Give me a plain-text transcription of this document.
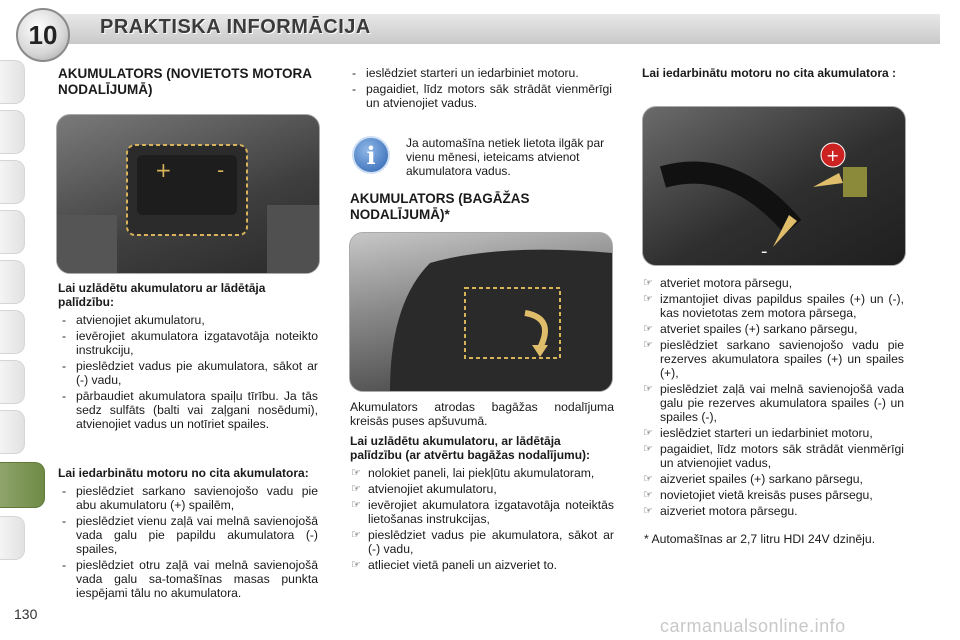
10	PRAKTISKA INFORMĀCIJA

AKUMULATORS (NOVIETOTS MOTORA NODALĪJUMĀ)

+ -

Lai uzlādētu akumulatoru ar lādētāja palīdzību:

- atvienojiet akumulatoru,
- ievērojiet akumulatora izgatavotāja noteikto instrukciju,
- pieslēdziet vadus pie akumulatora, sākot ar (-) vadu,
- pārbaudiet akumulatora spaiļu tīrību. Ja tās sedz sulfāts (balti vai zaļgani nosēdumi), atvienojiet vadus un notīriet spailes.

Lai iedarbinātu motoru no cita akumulatora:

- pieslēdziet sarkano savienojošo vadu pie abu akumulatoru (+) spailēm,
- pieslēdziet vienu zaļā vai melnā savienojošā vada galu pie papildu akumulatora (-) spailes,
- pieslēdziet otru zaļā vai melnā savienojošā vada galu sa-tomašīnas masas punkta iespējami tālu no akumulatora.
- ieslēdziet starteri un iedarbiniet motoru.
- pagaidiet, līdz motors sāk strādāt vienmērīgi un atvienojiet vadus.
i	Ja automašīna netiek lietota ilgāk par vienu mēnesi, ieteicams atvienot akumulatora vadus.

AKUMULATORS (BAGĀŽAS NODALĪJUMĀ)*

Akumulators atrodas bagāžas nodalījuma kreisās puses apšuvumā.

Lai uzlādētu akumulatoru, ar lādētāja palīdzību (ar atvērtu bagāžas nodalījumu):

☞ nolokiet paneli, lai piekļūtu akumulatoram,
☞ atvienojiet akumulatoru,
☞ ievērojiet akumulatora izgatavotāja noteiktās lietošanas instrukcijas,
☞ pieslēdziet vadus pie akumulatora, sākot ar (-) vadu,
☞ atlieciet vietā paneli un aizveriet to.

Lai iedarbinātu motoru no cita akumulatora :

+
-
☞ atveriet motora pārsegu,
☞ izmantojiet divas papildus spailes (+) un (-), kas novietotas zem motora pārsega,
☞ atveriet spailes (+) sarkano pārsegu,
☞ pieslēdziet sarkano savienojošo vadu pie rezerves akumulatora spailes (+) un spailes (+),
☞ pieslēdziet zaļā vai melnā savienojošā vada galu pie rezerves akumulatora spailes (-) un spailes (-),
☞ ieslēdziet starteri un iedarbiniet motoru,
☞ pagaidiet, līdz motors sāk strādāt vienmērīgi un atvienojiet vadus,
☞ aizveriet spailes (+) sarkano pārsegu,
☞ novietojiet vietā kreisās puses pārsegu,
☞ aizveriet motora pārsegu.

* Automašīnas ar 2,7 litru HDI 24V dzinēju.

130
carmanualsonline.info
